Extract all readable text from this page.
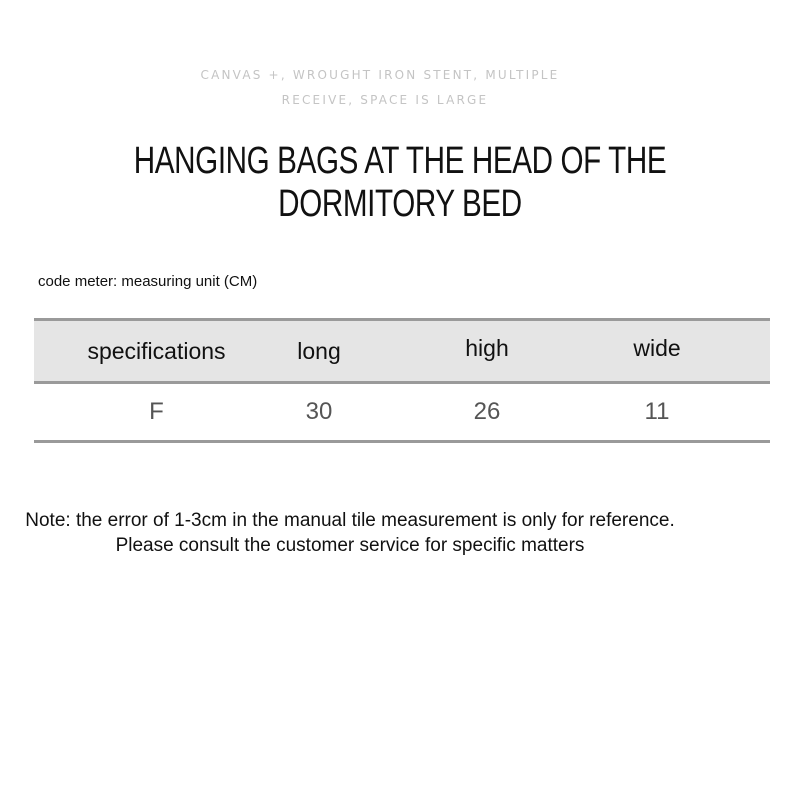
CANVAS +, WROUGHT IRON STENT, MULTIPLE
RECEIVE, SPACE IS LARGE
HANGING BAGS AT THE HEAD OF THE DORMITORY BED
code meter: measuring unit (CM)
specifications	long	high	wide
F	30	26	11
Note: the error of 1-3cm in the manual tile measurement is only for reference. Please consult the customer service for specific matters
